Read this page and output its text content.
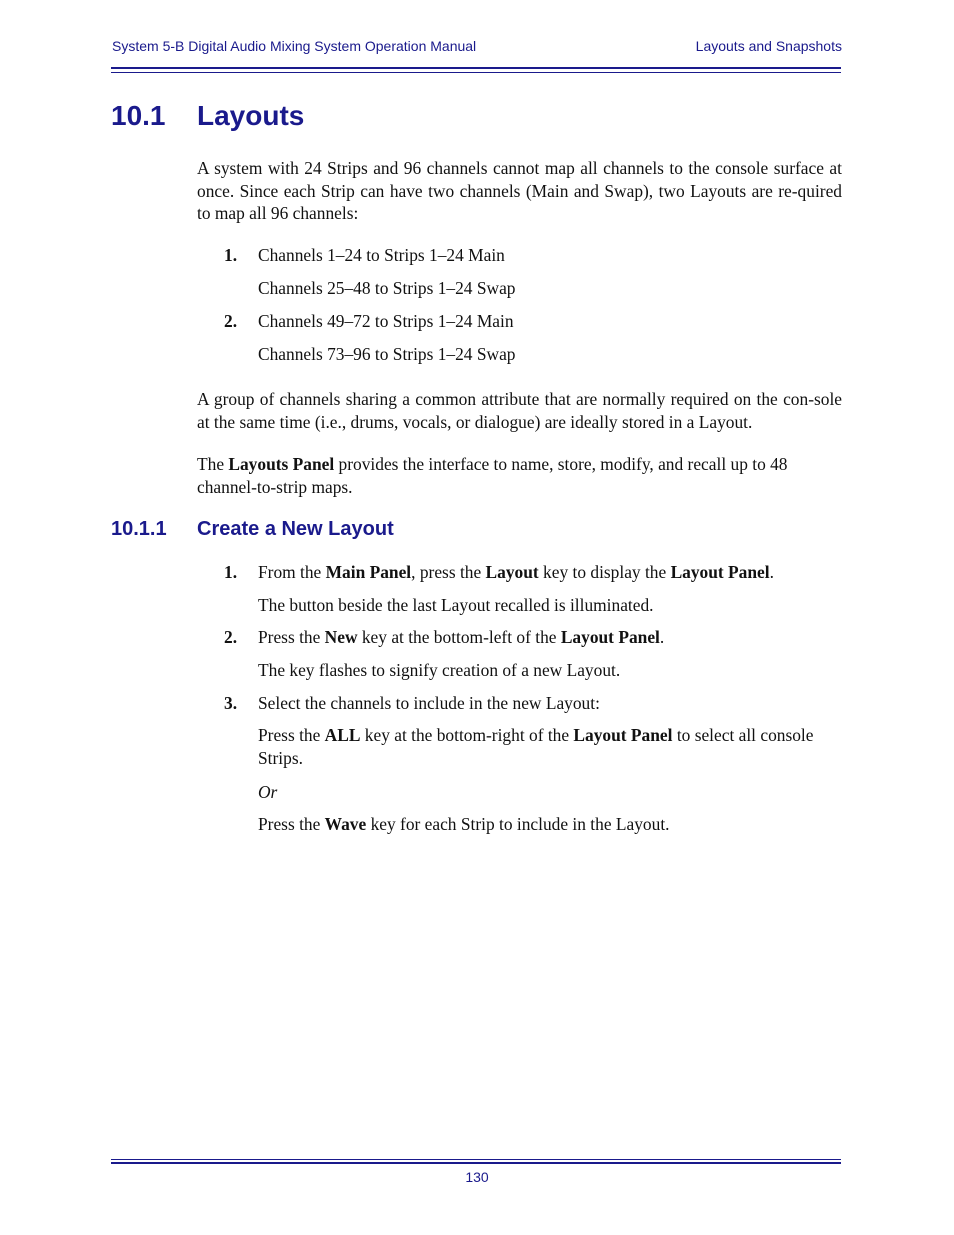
System 5-B Digital Audio Mixing System Operation Manual	Layouts and Snapshots
10.1 Layouts

A system with 24 Strips and 96 channels cannot map all channels to the console surface at once. Since each Strip can have two channels (Main and Swap), two Layouts are re-quired to map all 96 channels:

1. Channels 1–24 to Strips 1–24 Main
Channels 25–48 to Strips 1–24 Swap
2. Channels 49–72 to Strips 1–24 Main
Channels 73–96 to Strips 1–24 Swap

A group of channels sharing a common attribute that are normally required on the con-sole at the same time (i.e., drums, vocals, or dialogue) are ideally stored in a Layout.

The Layouts Panel provides the interface to name, store, modify, and recall up to 48 channel-to-strip maps.

10.1.1 Create a New Layout
1. From the Main Panel, press the Layout key to display the Layout Panel.
The button beside the last Layout recalled is illuminated.
2. Press the New key at the bottom-left of the Layout Panel.
The key flashes to signify creation of a new Layout.
3. Select the channels to include in the new Layout:
Press the ALL key at the bottom-right of the Layout Panel to select all console Strips.
Or
Press the Wave key for each Strip to include in the Layout.
130
